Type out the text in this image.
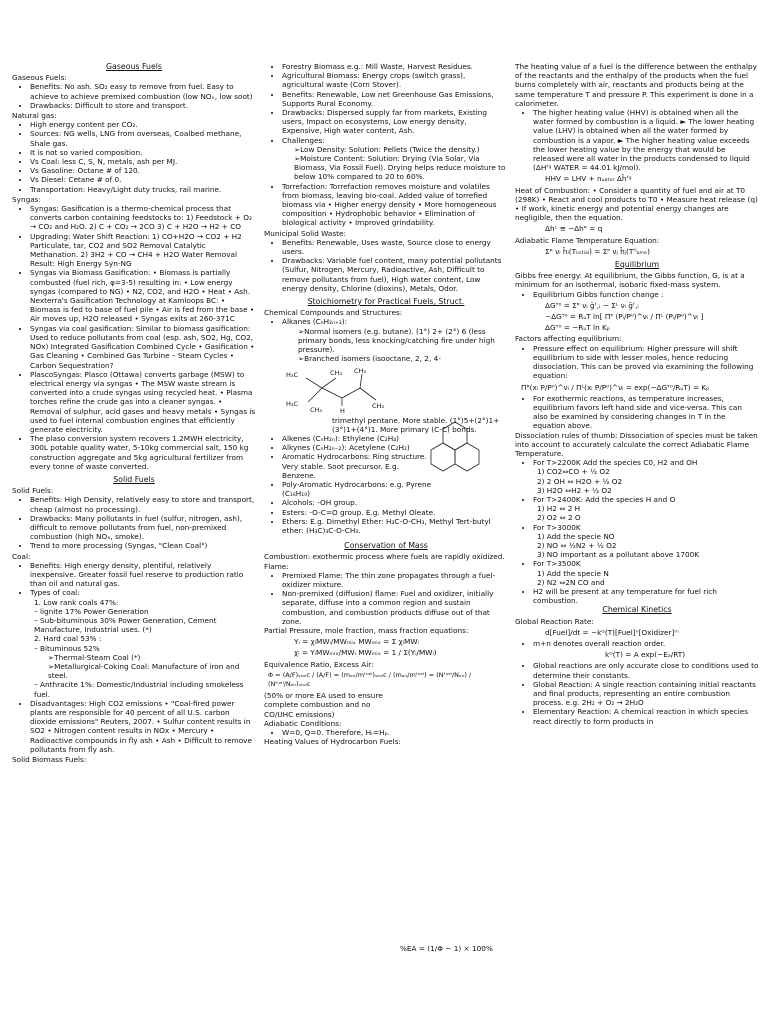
Gaseous Fuels
Gaseous Fuels:
• Benefits: No ash. SO₂ easy to remove from fuel. Easy to achieve to achieve premixed combustion (low NOₓ, low soot)
• Drawbacks: Difficult to store and transport.
Natural gas:
• High energy content per CO₂.
• Sources: NG wells, LNG from overseas, Coalbed methane, Shale gas.
• It is not so varied composition.
• Vs Coal: less C, S, N, metals, ash per MJ.
• Vs Gasoline: Octane # of 120.
• Vs Diesel: Cetane # of 0.
• Transportation: Heavy/Light duty trucks, rail marine.
Syngas:
• Syngas: Gasification is a thermo-chemical process that converts carbon containing feedstocks to: 1) Feedstock + O₂ → CO₂ and H₂O. 2) C + CO₂ → 2CO 3) C + H2O → H2 + CO
• Upgrading: Water Shift Reaction: 1) CO+H2O → CO2 + H2 Particulate, tar, CO2 and SO2 Removal Catalytic Methanation. 2) 3H2 + CO → CH4 + H2O Water Removal Result: High Energy Syn-NG
• Syngas via Biomass Gasification: • Biomass is partially combusted (fuel rich, φ=3-5) resulting in: • Low energy syngas (compared to NG) • N2, CO2, and H2O • Heat • Ash. Nexterra's Gasification Technology at Kamloops BC: • Biomass is fed to base of fuel pile • Air is fed from the base • Air moves up, H2O released • Syngas exits at 260-371C
• Syngas via coal gasification: Similar to biomass gasification: Used to reduce pollutants from coal (esp. ash, SO2, Hg, CO2, NOx) Integrated Gasification Combined Cycle • Gasification • Gas Cleaning • Combined Gas Turbine – Steam Cycles • Carbon Sequestration?
• PlascoSyngas: Plasco (Ottawa) converts garbage (MSW) to electrical energy via syngas • The MSW waste stream is converted into a crude syngas using recycled heat. • Plasma torches refine the crude gas into a cleaner syngas. • Removal of sulphur, acid gases and heavy metals • Syngas is used to fuel internal combustion engines that efficiently generate electricity.
• The plaso conversion system recovers 1.2MWH electricity, 300L potable quality water, 5-10kg commercial salt, 150 kg construction aggregate and 5kg agricultural fertilizer from every tonne of waste converted.
Solid Fuels
Solid Fuels:
• Benefits: High Density, relatively easy to store and transport, cheap (almost no processing).
• Drawbacks: Many pollutants in fuel (sulfur, nitrogen, ash), difficult to remove pollutants from fuel, non-premixed combustion (high NOₓ, smoke).
• Trend to more processing (Syngas, "Clean Coal")
Coal:
• Benefits: High energy density, plentiful, relatively inexpensive. Greater fossil fuel reserve to production ratio than oil and natural gas.
• Types of coal:
1. Low rank coals 47%:
– lignite 17% Power Generation
– Sub-bituminous 30% Power Generation, Cement Manufacture, Industrial uses. (*)
2. Hard coal 53% :
– Bituminous 52%
➢ Thermal-Steam Coal (*)
➢ Metallurgical-Coking Coal: Manufacture of iron and steel.
– Anthracite 1%: Domestic/Industrial including smokeless fuel.
• Disadvantages: High CO2 emissions • "Coal-fired power plants are responsible for 40 percent of all U.S. carbon dioxide emissions" Reuters, 2007. • Sulfur content results in SO2 • Nitrogen content results in NOx • Mercury • Radioactive compounds in fly ash • Ash • Difficult to remove pollutants from fly ash.
Solid Biomass Fuels:
• Forestry Biomass e.g.: Mill Waste, Harvest Residues.
• Agricultural Biomass: Energy crops (switch grass), agricultural waste (Corn Stover).
• Benefits: Renewable, Low net Greenhouse Gas Emissions, Supports Rural Economy.
• Drawbacks: Dispersed supply far from markets, Existing users, Impact on ecosystems, Low energy density, Expensive, High water content, Ash.
• Challenges:
➢ Low Density: Solution: Pellets (Twice the density.)
➢ Moisture Content: Solution: Drying (Via Solar, Via Biomass, Via Fossil Fuel). Drying helps reduce moisture to below 10% compared to 20 to 60%.
• Torrefaction: Torrefaction removes moisture and volatiles from biomass, leaving bio-coal. Added value of torrefied biomass via • Higher energy density • More homogeneous composition • Hydrophobic behavior • Elimination of biological activity • Improved grindability.
Municipal Solid Waste:
• Benefits: Renewable, Uses waste, Source close to energy users.
• Drawbacks: Variable fuel content, many potential pollutants (Sulfur, Nitrogen, Mercury, Radioactive, Ash, Difficult to remove pollutants from fuel), High water content, Low energy density, Chlorine (dioxins), Metals, Odor.
Stoichiometry for Practical Fuels, Struct.
Chemical Compounds and Structures:
• Alkanes (CₙH₂ₙ₊₂):
➢ Normal isomers (e.g. butane). (1°) 2+ (2°) 6 (less primary bonds, less knocking/catching fire under high pressure).
➢ Branched isomers (isooctane, 2, 2, 4-
H₃C	CH₃ CH₃
H₃C
CH₃	H
CH₃
trimethyl pentane. More stable. (1°)5+(2°)1+(3°)1+(4°)1. More primary (C-C) bonds.
• Alkenes (CₙH₂ₙ): Ethylene (C₂H₄)
• Alkynes (CₙH₂ₙ₋₂): Acetylene (C₂H₂)
• Aromatic Hydrocarbons: Ring structure. Very stable. Soot precursor. E.g. Benzene.
• Poly-Aromatic Hydrocarbons: e.g. Pyrene (C₁₆H₁₀)
• Alcohols: -OH group.
• Esters: -O-C=O group. E.g. Methyl Oleate.
• Ethers: E.g. Dimethyl Ether: H₃C-O-CH₃, Methyl Tert-butyl ether: (H₃C)₃C-O-CH₃.
Conservation of Mass
Combustion: exothermic process where fuels are rapidly oxidized.
Flame:
• Premixed Flame: The thin zone propagates through a fuel-oxidizer mixture.
• Non-premixed (diffusion) flame: Fuel and oxidizer, initially separate, diffuse into a common region and sustain combustion, and combustion products diffuse out of that zone.
Partial Pressure, mole fraction, mass fraction equations:
Yᵢ = χᵢMWᵢ/MWₘᵢₓ MWₘᵢₓ = Σ χᵢMWᵢ
χᵢ = YᵢMWₘᵢₓ/MWᵢ MWₘᵢₓ = 1 / Σ(Yᵢ/MWᵢ)
Equivalence Ratio, Excess Air:
Φ = (A/F)ₛₜₒᵢc / (A/F) = (mₐᵢᵣ/mᶠᵘᵉˡ)ₛₜₒᵢc / (mₐᵢᵣ/mᶠᵘᵉˡ) = (Nᶠᵘᵉˡ/Nₐᵢᵣ) / (Nᶠᵘᵉˡ/Nₐᵢᵣ)ₛₜₒᵢc
(50% or more EA used to ensure complete combustion and no CO/UHC emissions)
%EA = (1/Φ − 1) × 100%
Adiabatic Conditions:
• W=0, Q=0. Therefore, Hᵣ=Hₚ.
Heating Values of Hydrocarbon Fuels:
The heating value of a fuel is the difference between the enthalpy of the reactants and the enthalpy of the products when the fuel burns completely with air, reactants and products being at the same temperature T and pressure P. This experiment is done in a calorimeter.
• The higher heating value (HHV) is obtained when all the water formed by combustion is a liquid. ► The lower heating value (LHV) is obtained when all the water formed by combustion is a vapor. ► The higher heating value exceeds the lower heating value by the energy that would be released were all water in the products condensed to liquid (ΔHᶠᵍ WATER = 44.01 kJ/mol).
HHV = LHV + nᵤₐₜₑᵣ Δh̄ᶠᵍ
Heat of Combustion: • Consider a quantity of fuel and air at T0 (298K) • React and cool products to T0 • Measure heat release (q) • If work, kinetic energy and potential energy changes are negligible, then the equation.
Δhᶜ ≡ −Δhᴿ = q
Adiabatic Flame Temperature Equation:
Σᴿ νᵢ h̄ᵢ(Tᵢₙᵢₜᵢₐₗ) = Σᴾ νⱼ h̄ⱼ(Tᶠˡₐₘₑ)
Equilibrium
Gibbs free energy: At equilibrium, the Gibbs function, G, is at a minimum for an isothermal, isobaric fixed-mass system.
• Equilibrium Gibbs function change :
ΔGᵀ⁰ = Σᴿ νᵢ ḡᶠ,ᵢ − Σᴸ νᵢ ḡᶠ,ᵢ
−ΔGᵀ⁰ = RᵤT ln[ Πᴾ (Pᵢ/P⁰)^νᵢ / Πᴸ (Pᵢ/P⁰)^νᵢ ]
ΔGᵀ⁰ = −RᵤT ln Kₚ
Factors affecting equilibrium:
• Pressure effect on equilibrium: Higher pressure will shift equilibrium to side with lesser moles, hence reducing dissociation. This can be proved via examining the following equation:
Πᴿ(xᵢ P/P⁰)^νᵢ / Πᴸ(xᵢ P/P⁰)^νᵢ = exp(−ΔGᵀ⁰/RᵤT) = Kₚ
• For exothermic reactions, as temperature increases, equilibrium favors left hand side and vice-versa. This can also be examined by considering changes in T in the equation above.
Dissociation rules of thumb: Dissociation of species must be taken into account to accurately calculate the correct Adiabatic Flame Temperature.
• For T>2200K Add the species C0, H2 and OH
1) CO2⇔CO + ½ O2
2) 2 OH ⇔ H2O + ½ O2
3) H2O ⇔H2 + ½ O2
• For T>2400K: Add the species H and O
1) H2 ⇔ 2 H
2) O2 ⇔ 2 O
• For T>3000K
1) Add the specie NO
2) NO ⇔ ½N2 + ½ O2
3) NO important as a pollutant above 1700K
• For T>3500K
1) Add the specie N
2) N2 ⇔2N CO and
• H2 will be present at any temperature for fuel rich combustion.
Chemical Kinetics
Global Reaction Rate:
d[Fuel]/dt = −kᴳ(T)[Fuel]ⁿ[Oxidizer]ᵐ
• m+n denotes overall reaction order.
kᴳ(T) = A exp(−Eₐ/RT)
• Global reactions are only accurate close to conditions used to determine their constants.
• Global Reaction: A single reaction containing initial reactants and final products, representing an entire combustion process. e.g. 2H₂ + O₂ → 2H₂O
• Elementary Reaction: A chemical reaction in which species react directly to form products in
